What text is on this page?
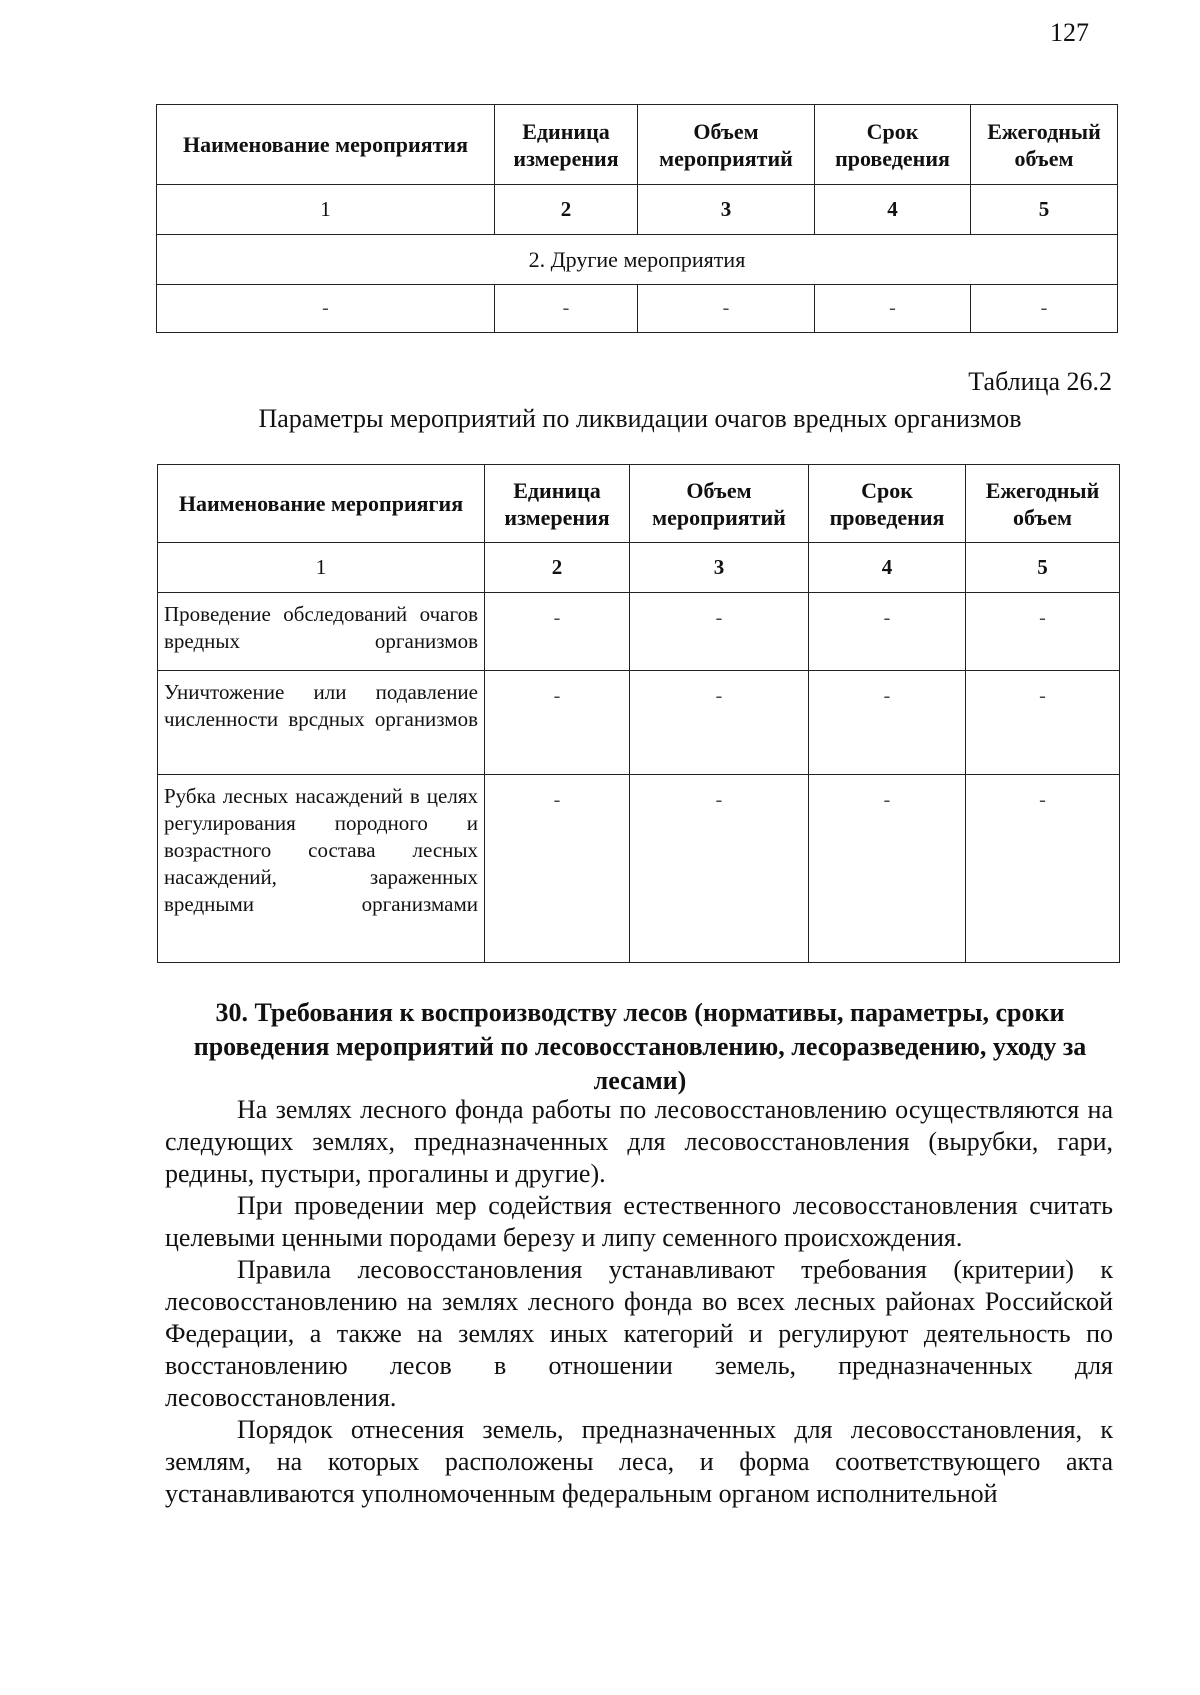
127
Наименование мероприятия	Единица измерения	Объем мероприятий	Срок проведения	Ежегодный объем
1	2	3	4	5
2. Другие мероприятия				
-	-	-	-	-
Таблица 26.2
Параметры мероприятий по ликвидации очагов вредных организмов
Наименование мероприягия	Единица измерения	Объем мероприятий	Срок проведения	Ежегодный объем
1	2	3	4	5
Проведение обследований очагов вредных организмов	-	-	-	-
Уничтожение или подавление численности врсдных организмов	-	-	-	-
Рубка лесных насаждений в целях регулирования породного и возрастного состава лесных насаждений, зараженных вредными организмами	-	-	-	-
30. Требования к воспроизводству лесов (нормативы, параметры, сроки проведения мероприятий по лесовосстановлению, лесоразведению, уходу за лесами)

На землях лесного фонда работы по лесовосстановлению осуществляются на следующих землях, предназначенных для лесовосстановления (вырубки, гари, редины, пустыри, прогалины и другие).

При проведении мер содействия естественного лесовосстановления считать целевыми ценными породами березу и липу семенного происхождения.

Правила лесовосстановления устанавливают требования (критерии) к лесовосстановлению на землях лесного фонда во всех лесных районах Российской Федерации, а также на землях иных категорий и регулируют деятельность по восстановлению лесов в отношении земель, предназначенных для лесовосстановления.

Порядок отнесения земель, предназначенных для лесовосстановления, к землям, на которых расположены леса, и форма соответствующего акта устанавливаются уполномоченным федеральным органом исполнительной
